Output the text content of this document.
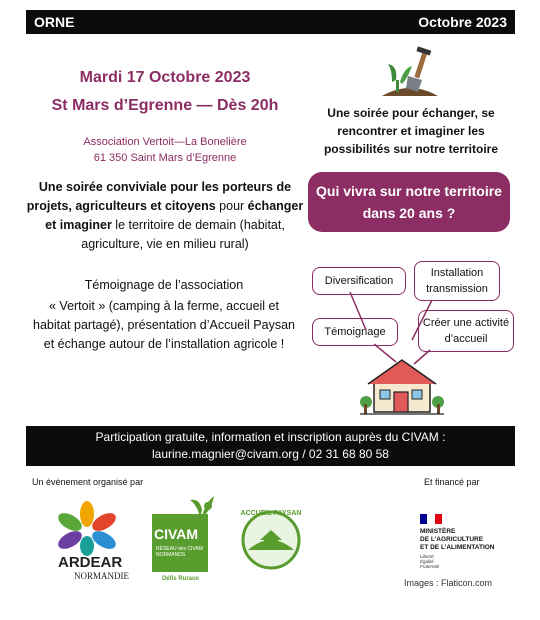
ORNE	Octobre 2023
Mardi 17 Octobre 2023
St Mars d’Egrenne — Dès 20h
Association Vertoit—La Bonelière
61 350 Saint Mars d’Egrenne
Une soirée conviviale pour les porteurs de projets, agriculteurs et citoyens pour échanger et imaginer le territoire de demain (habitat, agriculture, vie en milieu rural)
Témoignage de l’association
« Vertoit » (camping à la ferme, accueil et habitat partagé), présentation d’Accueil Paysan et échange autour de l’installation agricole !
Une soirée pour échanger, se rencontrer et imaginer les possibilités sur notre territoire
Qui vivra sur notre territoire dans 20 ans ?
Diversification
Installation transmission
Témoignage
Créer une activité d’accueil
Participation gratuite, information et inscription auprès du CIVAM :
laurine.magnier@civam.org / 02 31 68 80 58
Un évènement organisé par	Et financé par
ARDEAR
NORMANDIE
CIVAM
RÉSEAU des CIVAM NORMANDS
Défis Ruraux
ACCUEIL PAYSAN
MINISTÈRE
DE L’AGRICULTURE
ET DE L’ALIMENTATION
Liberté
Égalité
Fraternité
Images : Flaticon.com
